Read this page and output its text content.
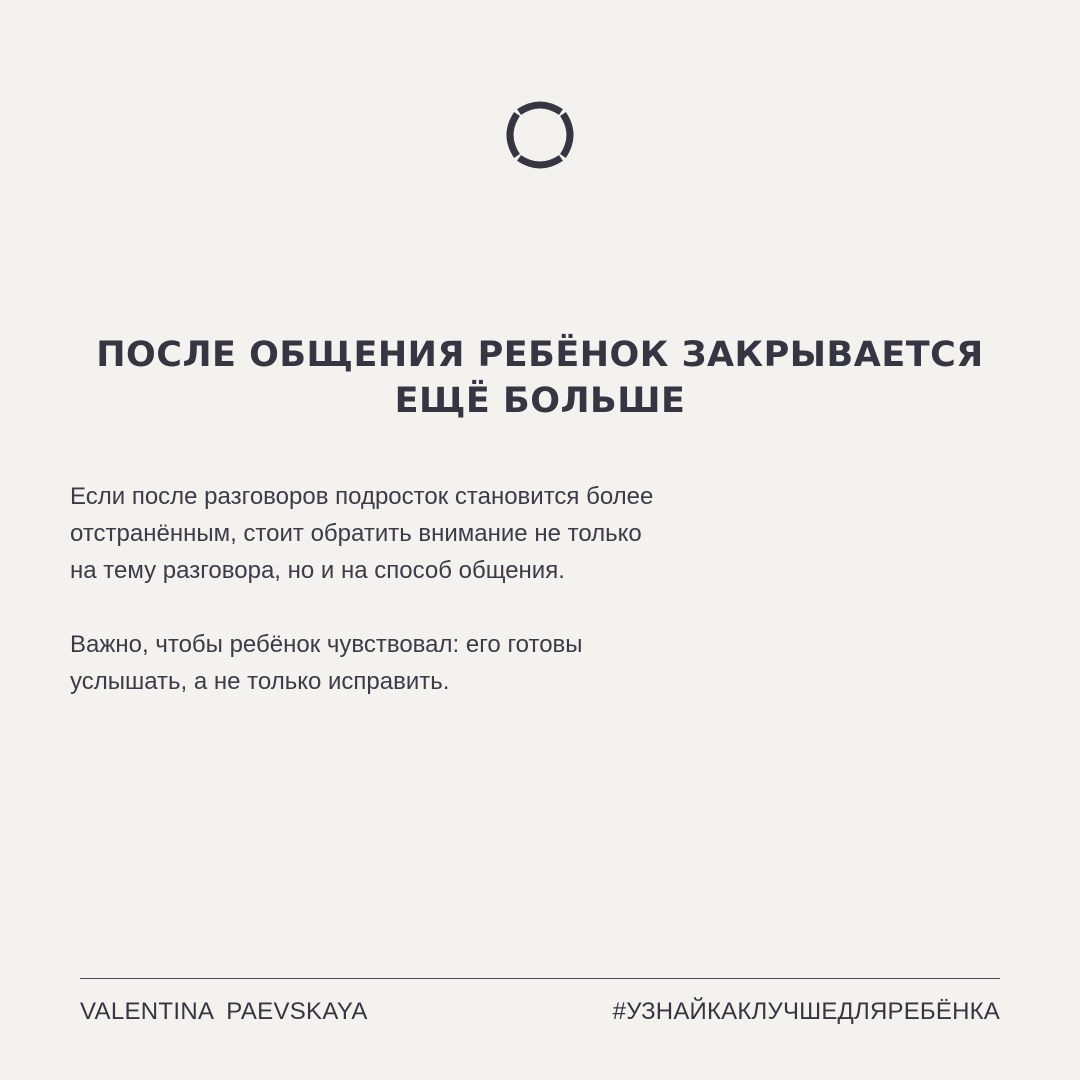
ПОСЛЕ ОБЩЕНИЯ РЕБЁНОК ЗАКРЫВАЕТСЯ
ЕЩЁ БОЛЬШЕ

Если после разговоров подросток становится более
отстранённым, стоит обратить внимание не только
на тему разговора, но и на способ общения.

Важно, чтобы ребёнок чувствовал: его готовы
услышать, а не только исправить.

VALENTINA PAEVSKAYA	#УЗНАЙКАКЛУЧШЕДЛЯРЕБЁНКА
